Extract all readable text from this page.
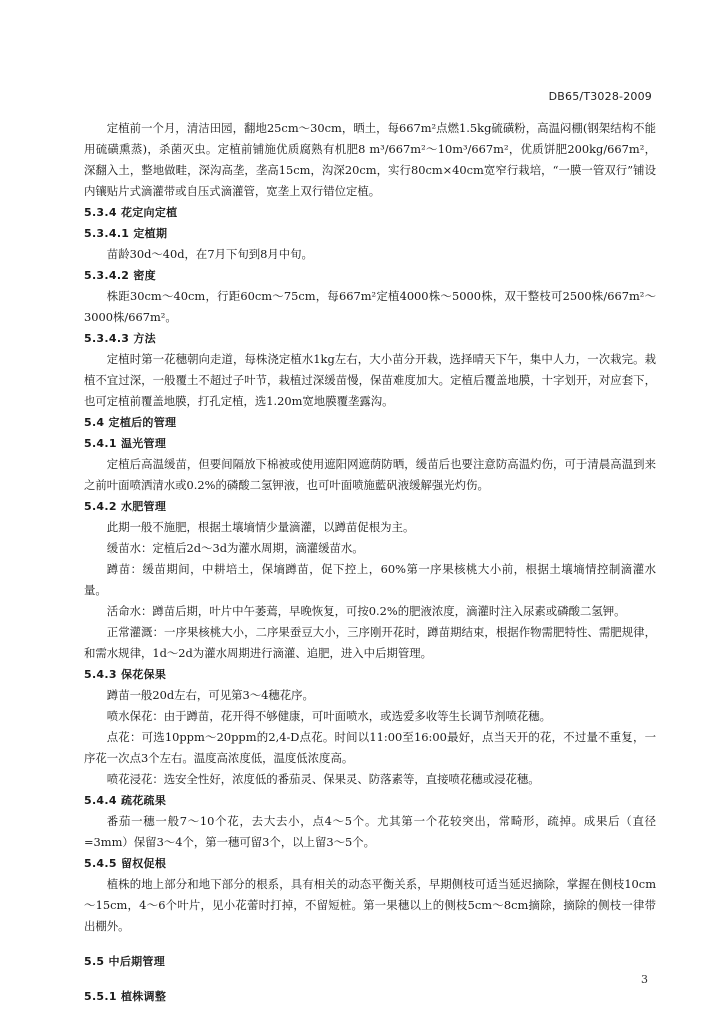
DB65/T3028-2009

定植前一个月，清洁田园，翻地25cm～30cm，晒土，每667m²点燃1.5kg硫磺粉，高温闷棚(钢架结构不能用硫磺熏蒸)，杀菌灭虫。定植前铺施优质腐熟有机肥8 m³/667m²～10m³/667m²，优质饼肥200kg/667m²，深翻入土，整地做畦，深沟高垄，垄高15cm，沟深20cm，实行80cm×40cm宽窄行栽培，“一膜一管双行”铺设内镶贴片式滴灌带或自压式滴灌管，宽垄上双行错位定植。

5.3.4 花定向定植

5.3.4.1 定植期

苗龄30d～40d，在7月下旬到8月中旬。

5.3.4.2 密度

株距30cm～40cm，行距60cm～75cm，每667m²定植4000株～5000株，双干整枝可2500株/667m²～3000株/667m²。

5.3.4.3 方法

定植时第一花穗朝向走道，每株浇定植水1kg左右，大小苗分开栽，选择晴天下午，集中人力，一次栽完。栽植不宜过深，一般覆土不超过子叶节，栽植过深缓苗慢，保苗难度加大。定植后覆盖地膜，十字划开，对应套下，也可定植前覆盖地膜，打孔定植，选1.20m宽地膜覆垄露沟。

5.4 定植后的管理

5.4.1 温光管理

定植后高温缓苗，但要间隔放下棉被或使用遮阳网遮荫防晒，缓苗后也要注意防高温灼伤，可于清晨高温到来之前叶面喷洒清水或0.2%的磷酸二氢钾液，也可叶面喷施藍矾液缓解强光灼伤。

5.4.2 水肥管理

此期一般不施肥，根据土壤墒情少量滴灌，以蹲苗促根为主。

缓苗水：定植后2d～3d为灌水周期，滴灌缓苗水。

蹲苗：缓苗期间，中耕培土，保墒蹲苗，促下控上，60%第一序果核桃大小前，根据土壤墒情控制滴灌水量。

活命水：蹲苗后期，叶片中午萎蔫，早晚恢复，可按0.2%的肥液浓度，滴灌时注入尿素或磷酸二氢钾。

正常灌溉：一序果核桃大小，二序果蚕豆大小，三序刚开花时，蹲苗期结束，根据作物需肥特性、需肥规律，和需水规律，1d～2d为灌水周期进行滴灌、追肥，进入中后期管理。

5.4.3 保花保果

蹲苗一般20d左右，可见第3～4穗花序。

喷水保花：由于蹲苗，花开得不够健康，可叶面喷水，或选爱多收等生长调节剂喷花穗。

点花：可选10ppm～20ppm的2,4-D点花。时间以11:00至16:00最好，点当天开的花，不过量不重复，一序花一次点3个左右。温度高浓度低，温度低浓度高。

喷花浸花：选安全性好，浓度低的番茄灵、保果灵、防落素等，直接喷花穗或浸花穗。

5.4.4 疏花疏果

番茄一穗一般7～10个花，去大去小，点4～5个。尤其第一个花较突出，常畸形，疏掉。成果后（直径=3mm）保留3～4个，第一穗可留3个，以上留3～5个。

5.4.5 留权促根

植株的地上部分和地下部分的根系，具有相关的动态平衡关系，早期侧枝可适当延迟摘除，掌握在侧枝10cm～15cm，4～6个叶片，见小花蕾时打掉，不留短桩。第一果穗以上的侧枝5cm～8cm摘除，摘除的侧枝一律带出棚外。

5.5 中后期管理

5.5.1 植株调整

3
